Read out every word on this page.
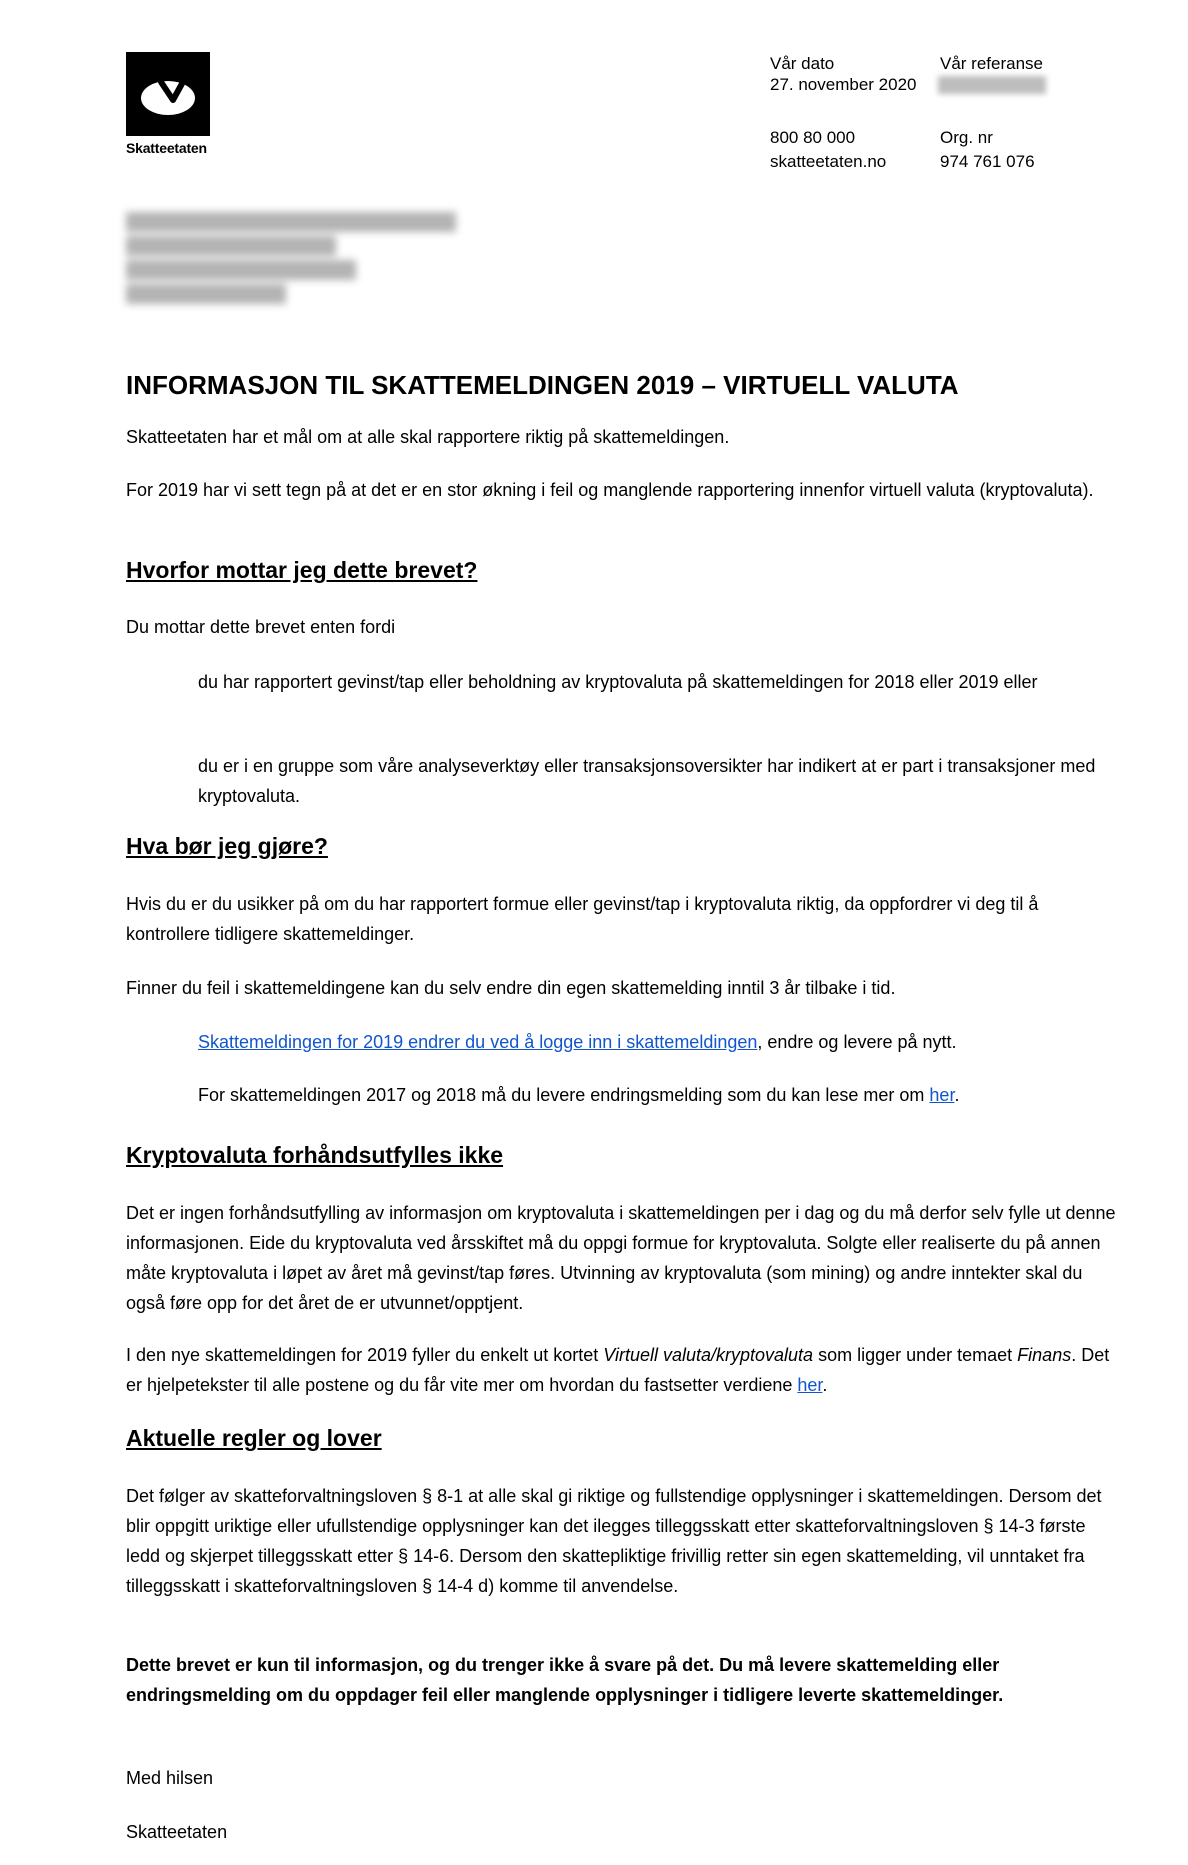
Skatteetaten
Vår dato
27. november 2020
Vår referanse
800 80 000
skatteetaten.no
Org. nr
974 761 076
INFORMASJON TIL SKATTEMELDINGEN 2019 – VIRTUELL VALUTA

Skatteetaten har et mål om at alle skal rapportere riktig på skattemeldingen.

For 2019 har vi sett tegn på at det er en stor økning i feil og manglende rapportering innenfor virtuell valuta (kryptovaluta).

Hvorfor mottar jeg dette brevet?

Du mottar dette brevet enten fordi

du har rapportert gevinst/tap eller beholdning av kryptovaluta på skattemeldingen for 2018 eller 2019 eller

du er i en gruppe som våre analyseverktøy eller transaksjonsoversikter har indikert at er part i transaksjoner med kryptovaluta.

Hva bør jeg gjøre?

Hvis du er du usikker på om du har rapportert formue eller gevinst/tap i kryptovaluta riktig, da oppfordrer vi deg til å kontrollere tidligere skattemeldinger.

Finner du feil i skattemeldingene kan du selv endre din egen skattemelding inntil 3 år tilbake i tid.

Skattemeldingen for 2019 endrer du ved å logge inn i skattemeldingen, endre og levere på nytt.

For skattemeldingen 2017 og 2018 må du levere endringsmelding som du kan lese mer om her.

Kryptovaluta forhåndsutfylles ikke

Det er ingen forhåndsutfylling av informasjon om kryptovaluta i skattemeldingen per i dag og du må derfor selv fylle ut denne informasjonen. Eide du kryptovaluta ved årsskiftet må du oppgi formue for kryptovaluta. Solgte eller realiserte du på annen måte kryptovaluta i løpet av året må gevinst/tap føres. Utvinning av kryptovaluta (som mining) og andre inntekter skal du også føre opp for det året de er utvunnet/opptjent.

I den nye skattemeldingen for 2019 fyller du enkelt ut kortet Virtuell valuta/kryptovaluta som ligger under temaet Finans. Det er hjelpetekster til alle postene og du får vite mer om hvordan du fastsetter verdiene her.

Aktuelle regler og lover

Det følger av skatteforvaltningsloven § 8-1 at alle skal gi riktige og fullstendige opplysninger i skattemeldingen. Dersom det blir oppgitt uriktige eller ufullstendige opplysninger kan det ilegges tilleggsskatt etter skatteforvaltningsloven § 14-3 første ledd og skjerpet tilleggsskatt etter § 14-6. Dersom den skattepliktige frivillig retter sin egen skattemelding, vil unntaket fra tilleggsskatt i skatteforvaltningsloven § 14-4 d) komme til anvendelse.

Dette brevet er kun til informasjon, og du trenger ikke å svare på det. Du må levere skattemelding eller endringsmelding om du oppdager feil eller manglende opplysninger i tidligere leverte skattemeldinger.

Med hilsen

Skatteetaten
